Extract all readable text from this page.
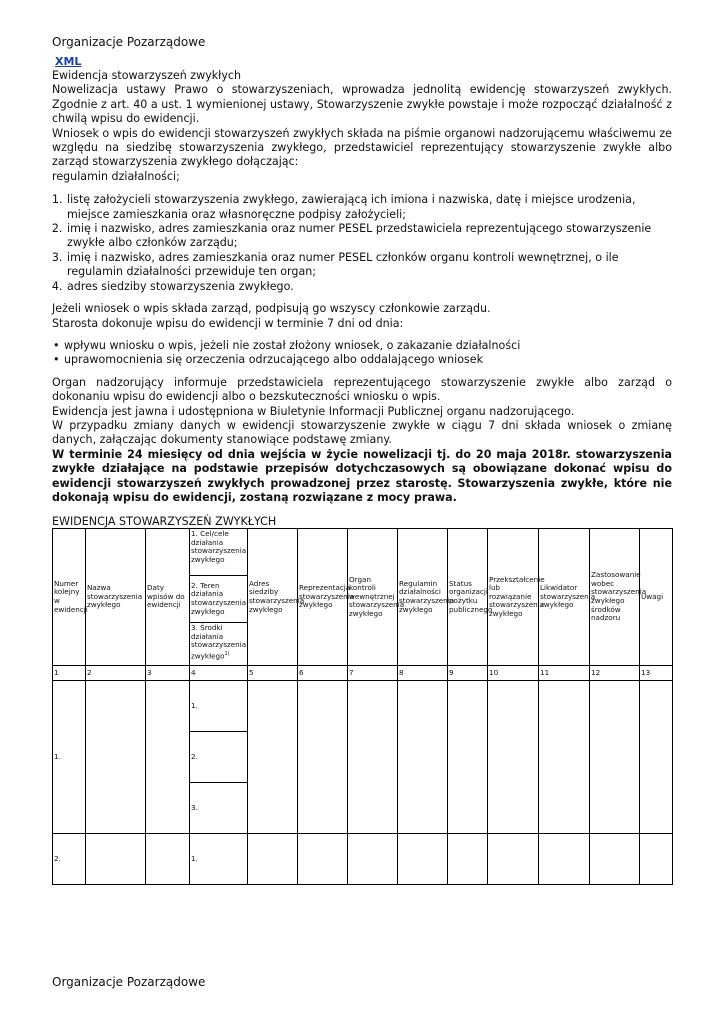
Organizacje Pozarządowe
XML

Ewidencja stowarzyszeń zwykłych

Nowelizacja ustawy Prawo o stowarzyszeniach, wprowadza jednolitą ewidencję stowarzyszeń zwykłych. Zgodnie z art. 40 a ust. 1 wymienionej ustawy, Stowarzyszenie zwykłe powstaje i może rozpocząć działalność z chwilą wpisu do ewidencji.

Wniosek o wpis do ewidencji stowarzyszeń zwykłych składa na piśmie organowi nadzorującemu właściwemu ze względu na siedzibę stowarzyszenia zwykłego, przedstawiciel reprezentujący stowarzyszenie zwykłe albo zarząd stowarzyszenia zwykłego dołączając:

regulamin działalności;

1. listę założycieli stowarzyszenia zwykłego, zawierającą ich imiona i nazwiska, datę i miejsce urodzenia, miejsce zamieszkania oraz własnoręczne podpisy założycieli;
2. imię i nazwisko, adres zamieszkania oraz numer PESEL przedstawiciela reprezentującego stowarzyszenie zwykłe albo członków zarządu;
3. imię i nazwisko, adres zamieszkania oraz numer PESEL członków organu kontroli wewnętrznej, o ile regulamin działalności przewiduje ten organ;
4. adres siedziby stowarzyszenia zwykłego.

Jeżeli wniosek o wpis składa zarząd, podpisują go wszyscy członkowie zarządu.

Starosta dokonuje wpisu do ewidencji w terminie 7 dni od dnia:

• wpływu wniosku o wpis, jeżeli nie został złożony wniosek, o zakazanie działalności
• uprawomocnienia się orzeczenia odrzucającego albo oddalającego wniosek

Organ nadzorujący informuje przedstawiciela reprezentującego stowarzyszenie zwykłe albo zarząd o dokonaniu wpisu do ewidencji albo o bezskuteczności wniosku o wpis.

Ewidencja jest jawna i udostępniona w Biuletynie Informacji Publicznej organu nadzorującego.

W przypadku zmiany danych w ewidencji stowarzyszenie zwykłe w ciągu 7 dni składa wniosek o zmianę danych, załączając dokumenty stanowiące podstawę zmiany.

W terminie 24 miesięcy od dnia wejścia w życie nowelizacji tj. do 20 maja 2018r. stowarzyszenia zwykłe działające na podstawie przepisów dotychczasowych są obowiązane dokonać wpisu do ewidencji stowarzyszeń zwykłych prowadzonej przez starostę. Stowarzyszenia zwykłe, które nie dokonają wpisu do ewidencji, zostaną rozwiązane z mocy prawa.

EWIDENCJA STOWARZYSZEŃ ZWYKŁYCH
Numer kolejny w ewidencji	Nazwa stowarzyszenia zwykłego	Daty wpisów do ewidencji	1. Cel/cele działania stowarzyszenia zwykłego	Adres siedziby stowarzyszenia zwykłego	Reprezentacja stowarzyszenia zwykłego	Organ kontroli wewnętrznej stowarzyszenia zwykłego	Regulamin działalności stowarzyszenia zwykłego	Status organizacji pożytku publicznego	Przekształcenie lub rozwiązanie stowarzyszenia zwykłego	Likwidator stowarzyszenia zwykłego	Zastosowanie wobec stowarzyszenia zwykłego środków nadzoru	Uwagi
			2. Teren działania stowarzyszenia zwykłego									
			3. Środki działania stowarzyszenia zwykłego$^{1)}$
1	2	3	4	5	6	7	8	9	10	11	12	13
1.			1.									
			2.									
			3.									
2.			1.									
Organizacje Pozarządowe
